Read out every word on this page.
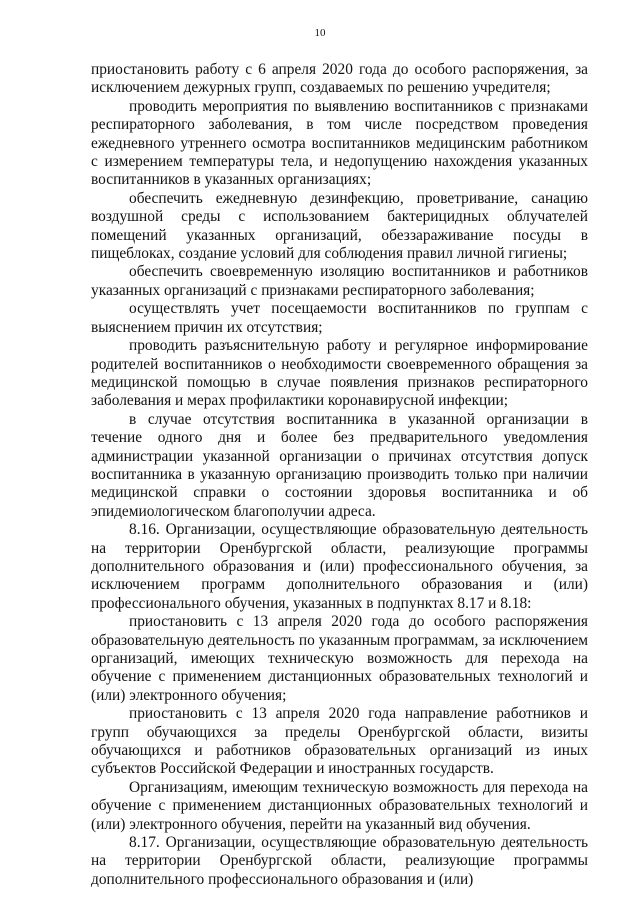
10

приостановить работу с 6 апреля 2020 года до особого распоряжения, за исключением дежурных групп, создаваемых по решению учредителя;

проводить мероприятия по выявлению воспитанников с признаками респираторного заболевания, в том числе посредством проведения ежедневного утреннего осмотра воспитанников медицинским работником с измерением температуры тела, и недопущению нахождения указанных воспитанников в указанных организациях;

обеспечить ежедневную дезинфекцию, проветривание, санацию воздушной среды с использованием бактерицидных облучателей помещений указанных организаций, обеззараживание посуды в пищеблоках, создание условий для соблюдения правил личной гигиены;

обеспечить своевременную изоляцию воспитанников и работников указанных организаций с признаками респираторного заболевания;

осуществлять учет посещаемости воспитанников по группам с выяснением причин их отсутствия;

проводить разъяснительную работу и регулярное информирование родителей воспитанников о необходимости своевременного обращения за медицинской помощью в случае появления признаков респираторного заболевания и мерах профилактики коронавирусной инфекции;

в случае отсутствия воспитанника в указанной организации в течение одного дня и более без предварительного уведомления администрации указанной организации о причинах отсутствия допуск воспитанника в указанную организацию производить только при наличии медицинской справки о состоянии здоровья воспитанника и об эпидемиологическом благополучии адреса.

8.16. Организации, осуществляющие образовательную деятельность на территории Оренбургской области, реализующие программы дополнительного образования и (или) профессионального обучения, за исключением программ дополнительного образования и (или) профессионального обучения, указанных в подпунктах 8.17 и 8.18:

приостановить с 13 апреля 2020 года до особого распоряжения образовательную деятельность по указанным программам, за исключением организаций, имеющих техническую возможность для перехода на обучение с применением дистанционных образовательных технологий и (или) электронного обучения;

приостановить с 13 апреля 2020 года направление работников и групп обучающихся за пределы Оренбургской области, визиты обучающихся и работников образовательных организаций из иных субъектов Российской Федерации и иностранных государств.

Организациям, имеющим техническую возможность для перехода на обучение с применением дистанционных образовательных технологий и (или) электронного обучения, перейти на указанный вид обучения.

8.17. Организации, осуществляющие образовательную деятельность на территории Оренбургской области, реализующие программы дополнительного профессионального образования и (или)
